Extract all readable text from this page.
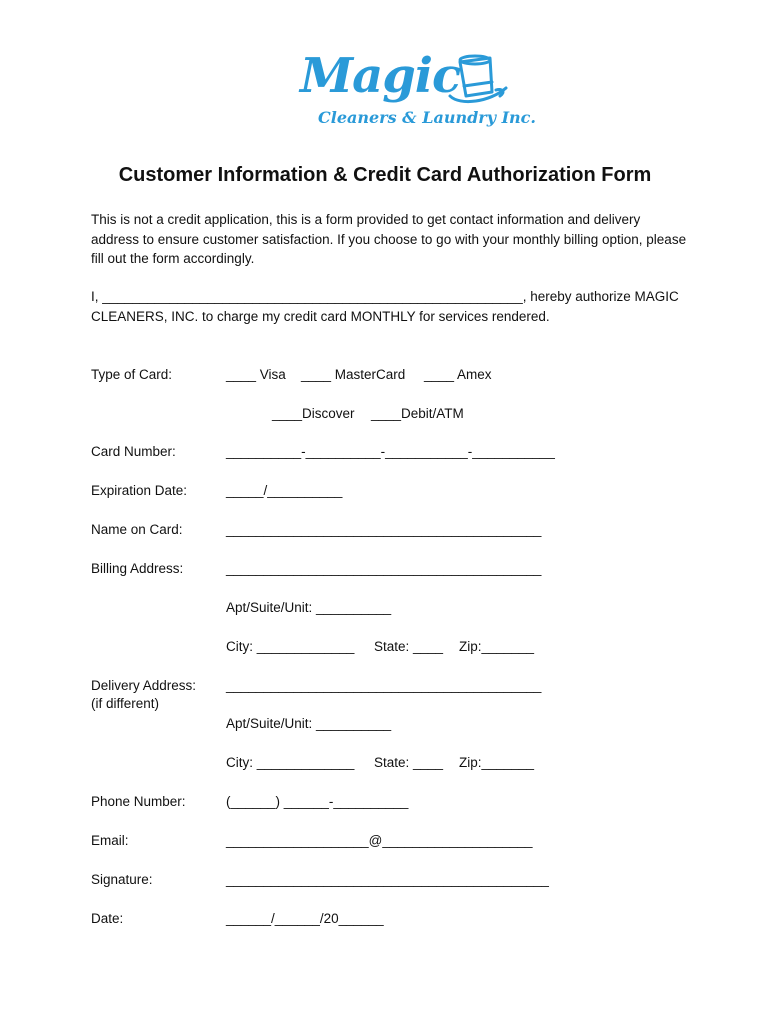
Magic
Cleaners & Laundry Inc.
Customer Information & Credit Card Authorization Form

This is not a credit application, this is a form provided to get contact information and delivery address to ensure customer satisfaction. If you choose to go with your monthly billing option, please fill out the form accordingly.

I, ________________________________________________________, hereby authorize MAGIC CLEANERS, INC. to charge my credit card MONTHLY for services rendered.

Type of Card:	____ Visa ____ MasterCard ____ Amex
____Discover ____Debit/ATM
Card Number:	__________-__________-___________-___________
Expiration Date:	_____/__________
Name on Card:	__________________________________________
Billing Address:	__________________________________________
Apt/Suite/Unit: __________
City: _____________ State: ____ Zip:_______
Delivery Address:
(if different)
__________________________________________
Apt/Suite/Unit: __________
City: _____________ State: ____ Zip:_______
Phone Number:	(______) ______-__________
Email:	___________________@____________________
Signature:	___________________________________________
Date:	______/______/20______
